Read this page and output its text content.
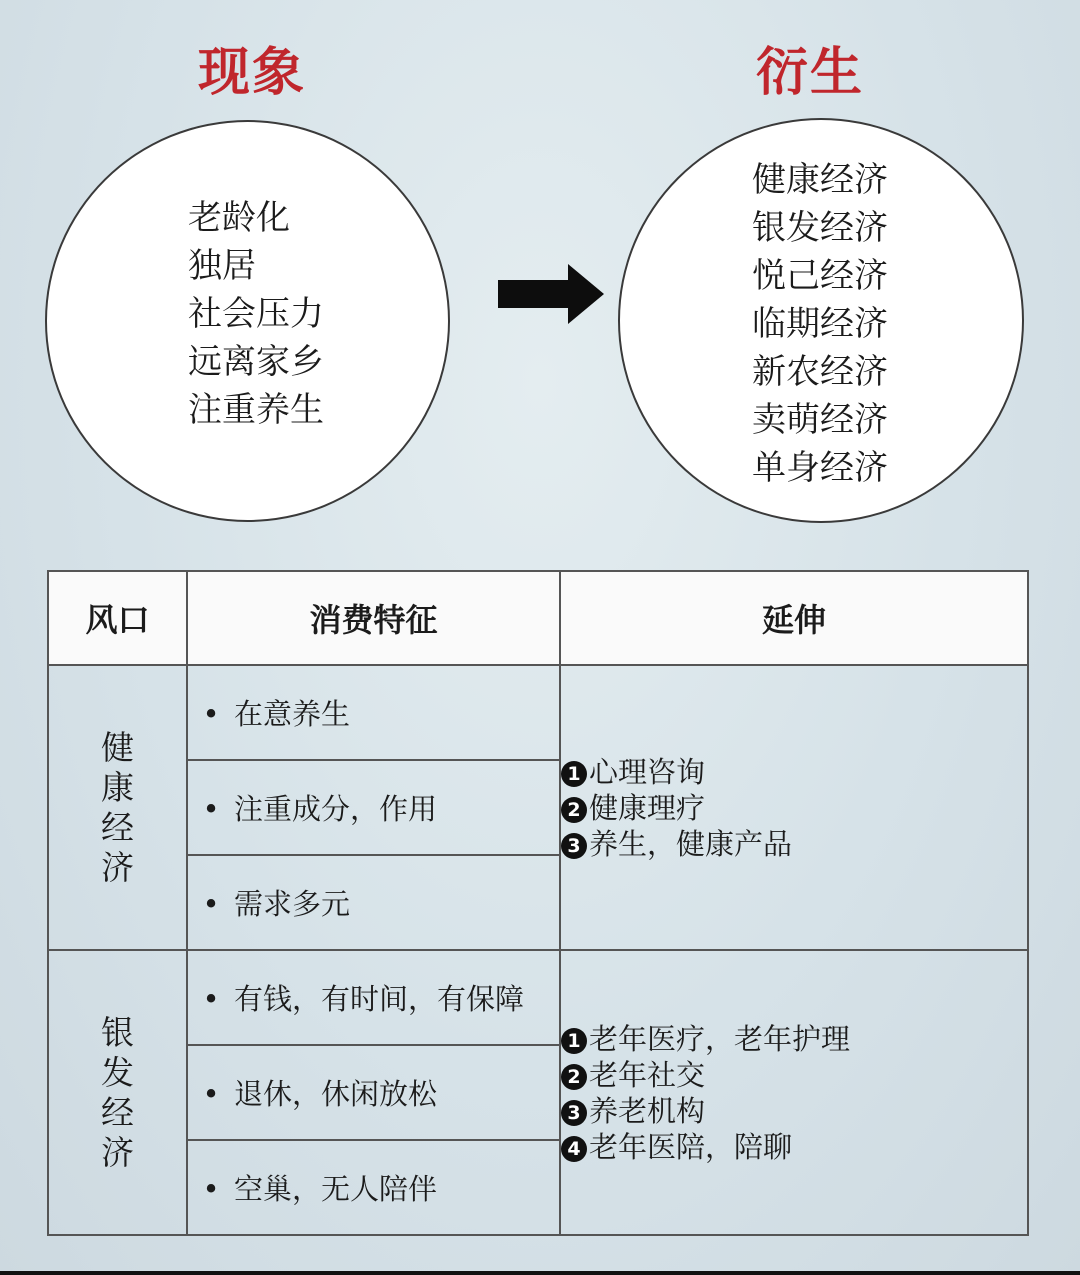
现象	衍生
老龄化
独居
社会压力
远离家乡
注重养生
健康经济
银发经济
悦己经济
临期经济
新农经济
卖萌经济
单身经济
风口	消费特征	延伸
健康经济	• 在意养生	1 心理咨询
2 健康理疗
3 养生，健康产品

	• 注重成分，作用	
	• 需求多元	
银发经济	• 有钱，有时间，有保障	1 老年医疗，老年护理
2 老年社交
3 养老机构
4 老年医陪，陪聊

	• 退休，休闲放松	
	• 空巢，无人陪伴	
